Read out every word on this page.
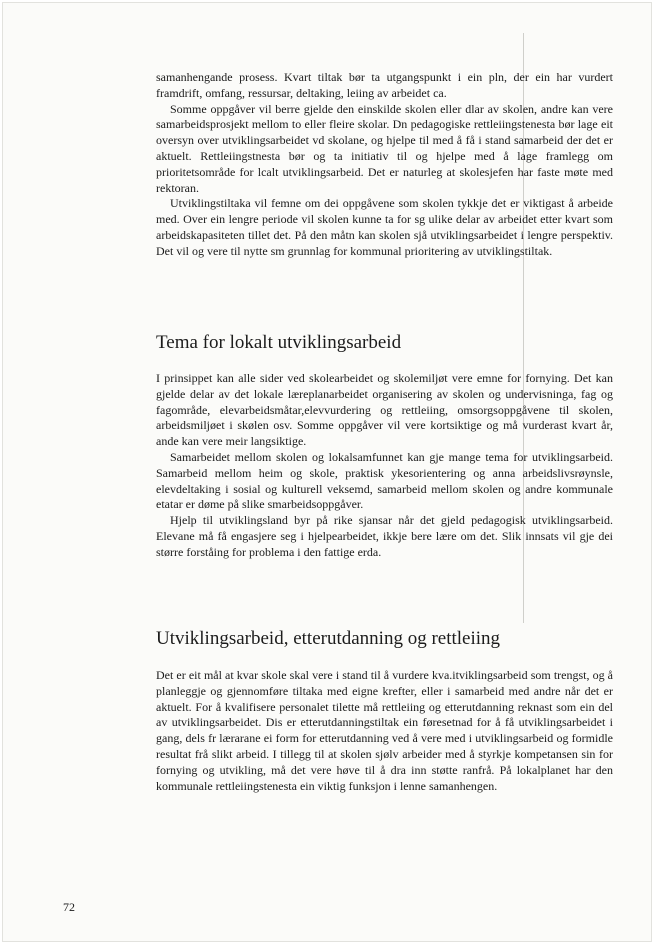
samanhengande prosess. Kvart tiltak bør ta utgangspunkt i ein pln, der ein har vurdert framdrift, omfang, ressursar, deltaking, leiing av arbeidet ca.

Somme oppgåver vil berre gjelde den einskilde skolen eller dlar av skolen, andre kan vere samarbeidsprosjekt mellom to eller fleire skolar. Dn pedagogiske rettleiingstenesta bør lage eit oversyn over utviklingsarbeidet vd skolane, og hjelpe til med å få i stand samarbeid der det er aktuelt. Rettleiingstnesta bør og ta initiativ til og hjelpe med å lage framlegg om prioritetsområde for lcalt utviklingsarbeid. Det er naturleg at skolesjefen har faste møte med rektoran.

Utviklingstiltaka vil femne om dei oppgåvene som skolen tykkje det er viktigast å arbeide med. Over ein lengre periode vil skolen kunne ta for sg ulike delar av arbeidet etter kvart som arbeidskapasiteten tillet det. På den måtn kan skolen sjå utviklingsarbeidet i lengre perspektiv. Det vil og vere til nytte sm grunnlag for kommunal prioritering av utviklingstiltak.

Tema for lokalt utviklingsarbeid

I prinsippet kan alle sider ved skolearbeidet og skolemiljøt vere emne for fornying. Det kan gjelde delar av det lokale læreplanarbeidet organisering av skolen og undervisninga, fag og fagområde, elevarbeidsmåtar,elevvurdering og rettleiing, omsorgsoppgåvene til skolen, arbeidsmiljøet i skølen osv. Somme oppgåver vil vere kortsiktige og må vurderast kvart år, ande kan vere meir langsiktige.

Samarbeidet mellom skolen og lokalsamfunnet kan gje mange tema for utviklingsarbeid. Samarbeid mellom heim og skole, praktisk ykesorientering og anna arbeidslivsrøynsle, elevdeltaking i sosial og kulturell veksemd, samarbeid mellom skolen og andre kommunale etatar er døme på slike smarbeidsoppgåver.

Hjelp til utviklingsland byr på rike sjansar når det gjeld pedagogisk utviklingsarbeid. Elevane må få engasjere seg i hjelpearbeidet, ikkje bere lære om det. Slik innsats vil gje dei større forståing for problema i den fattige erda.

Utviklingsarbeid, etterutdanning og rettleiing

Det er eit mål at kvar skole skal vere i stand til å vurdere kva.itviklingsarbeid som trengst, og å planleggje og gjennomføre tiltaka med eigne krefter, eller i samarbeid med andre når det er aktuelt. For å kvalifisere personalet tilette må rettleiing og etterutdanning reknast som ein del av utviklingsarbeidet. Dis er etterutdanningstiltak ein føresetnad for å få utviklingsarbeidet i gang, dels fr lærarane ei form for etterutdanning ved å vere med i utviklingsarbeid og formidle resultat frå slikt arbeid. I tillegg til at skolen sjølv arbeider med å styrkje kompetansen sin for fornying og utvikling, må det vere høve til å dra inn støtte ranfrå. På lokalplanet har den kommunale rettleiingstenesta ein viktig funksjon i lenne samanhengen.

72
